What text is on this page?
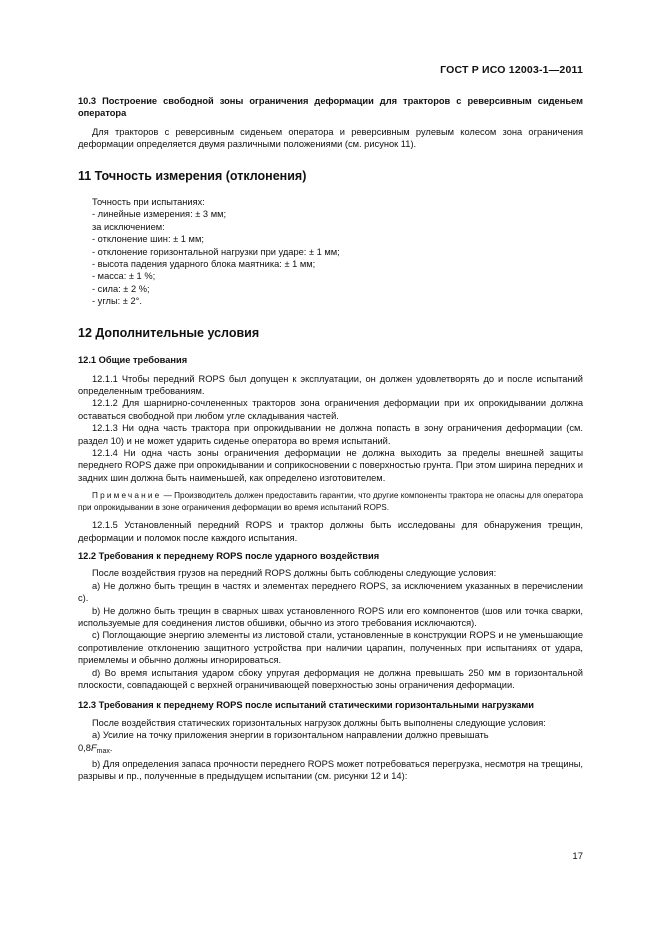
ГОСТ Р ИСО 12003-1—2011

10.3 Построение свободной зоны ограничения деформации для тракторов с реверсивным сиденьем оператора

Для тракторов с реверсивным сиденьем оператора и реверсивным рулевым колесом зона ограничения деформации определяется двумя различными положениями (см. рисунок 11).

11 Точность измерения (отклонения)

Точность при испытаниях:

- линейные измерения: ± 3 мм;

за исключением:

- отклонение шин: ± 1 мм;

- отклонение горизонтальной нагрузки при ударе: ± 1 мм;

- высота падения ударного блока маятника: ± 1 мм;

- масса: ± 1 %;

- сила: ± 2 %;

- углы: ± 2°.

12 Дополнительные условия

12.1 Общие требования

12.1.1 Чтобы передний ROPS был допущен к эксплуатации, он должен удовлетворять до и после испытаний определенным требованиям.

12.1.2 Для шарнирно-сочлененных тракторов зона ограничения деформации при их опрокидывании должна оставаться свободной при любом угле складывания частей.

12.1.3 Ни одна часть трактора при опрокидывании не должна попасть в зону ограничения деформации (см. раздел 10) и не может ударить сиденье оператора во время испытаний.

12.1.4 Ни одна часть зоны ограничения деформации не должна выходить за пределы внешней защиты переднего ROPS даже при опрокидывании и соприкосновении с поверхностью грунта. При этом ширина передних и задних шин должна быть наименьшей, как определено изготовителем.

Примечание — Производитель должен предоставить гарантии, что другие компоненты трактора не опасны для оператора при опрокидывании в зоне ограничения деформации во время испытаний ROPS.

12.1.5 Установленный передний ROPS и трактор должны быть исследованы для обнаружения трещин, деформации и поломок после каждого испытания.

12.2 Требования к переднему ROPS после ударного воздействия

После воздействия грузов на передний ROPS должны быть соблюдены следующие условия:

a) Не должно быть трещин в частях и элементах переднего ROPS, за исключением указанных в перечислении c).

b) Не должно быть трещин в сварных швах установленного ROPS или его компонентов (шов или точка сварки, используемые для соединения листов обшивки, обычно из этого требования исключаются).

c) Поглощающие энергию элементы из листовой стали, установленные в конструкции ROPS и не уменьшающие сопротивление отклонению защитного устройства при наличии царапин, полученных при испытаниях от удара, приемлемы и обычно должны игнорироваться.

d) Во время испытания ударом сбоку упругая деформация не должна превышать 250 мм в горизонтальной плоскости, совпадающей с верхней ограничивающей поверхностью зоны ограничения деформации.

12.3 Требования к переднему ROPS после испытаний статическими горизонтальными нагрузками

После воздействия статических горизонтальных нагрузок должны быть выполнены следующие условия:

a) Усилие на точку приложения энергии в горизонтальном направлении должно превышать

$0,8F_{max}$.

b) Для определения запаса прочности переднего ROPS может потребоваться перегрузка, несмотря на трещины, разрывы и пр., полученные в предыдущем испытании (см. рисунки 12 и 14):

17
